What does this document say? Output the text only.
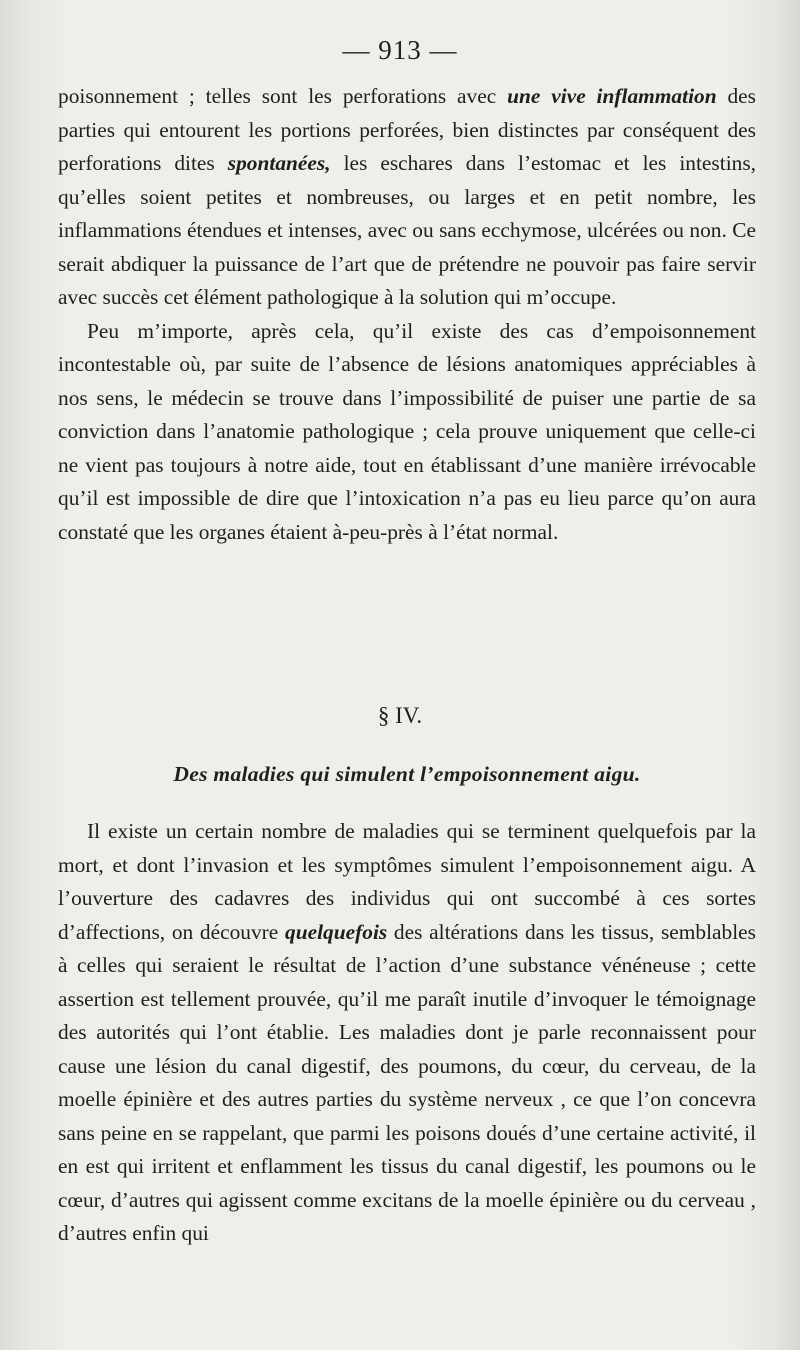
— 913 —

poisonnement ; telles sont les perforations avec une vive inflammation des parties qui entourent les portions perforées, bien distinctes par conséquent des perforations dites spontanées, les eschares dans l’estomac et les intestins, qu’elles soient petites et nombreuses, ou larges et en petit nombre, les inflammations étendues et intenses, avec ou sans ecchymose, ulcérées ou non. Ce serait abdiquer la puissance de l’art que de prétendre ne pouvoir pas faire servir avec succès cet élément pathologique à la solution qui m’occupe.

Peu m’importe, après cela, qu’il existe des cas d’empoisonnement incontestable où, par suite de l’absence de lésions anatomiques appréciables à nos sens, le médecin se trouve dans l’impossibilité de puiser une partie de sa conviction dans l’anatomie pathologique ; cela prouve uniquement que celle-ci ne vient pas toujours à notre aide, tout en établissant d’une manière irrévocable qu’il est impossible de dire que l’intoxication n’a pas eu lieu parce qu’on aura constaté que les organes étaient à-peu-près à l’état normal.

§ IV.
Des maladies qui simulent l’empoisonnement aigu.

Il existe un certain nombre de maladies qui se terminent quelquefois par la mort, et dont l’invasion et les symptômes simulent l’empoisonnement aigu. A l’ouverture des cadavres des individus qui ont succombé à ces sortes d’affections, on découvre quelquefois des altérations dans les tissus, semblables à celles qui seraient le résultat de l’action d’une substance vénéneuse ; cette assertion est tellement prouvée, qu’il me paraît inutile d’invoquer le témoignage des autorités qui l’ont établie. Les maladies dont je parle reconnaissent pour cause une lésion du canal digestif, des poumons, du cœur, du cerveau, de la moelle épinière et des autres parties du système nerveux , ce que l’on concevra sans peine en se rappelant, que parmi les poisons doués d’une certaine activité, il en est qui irritent et enflamment les tissus du canal digestif, les poumons ou le cœur, d’autres qui agissent comme excitans de la moelle épinière ou du cerveau , d’autres enfin qui
